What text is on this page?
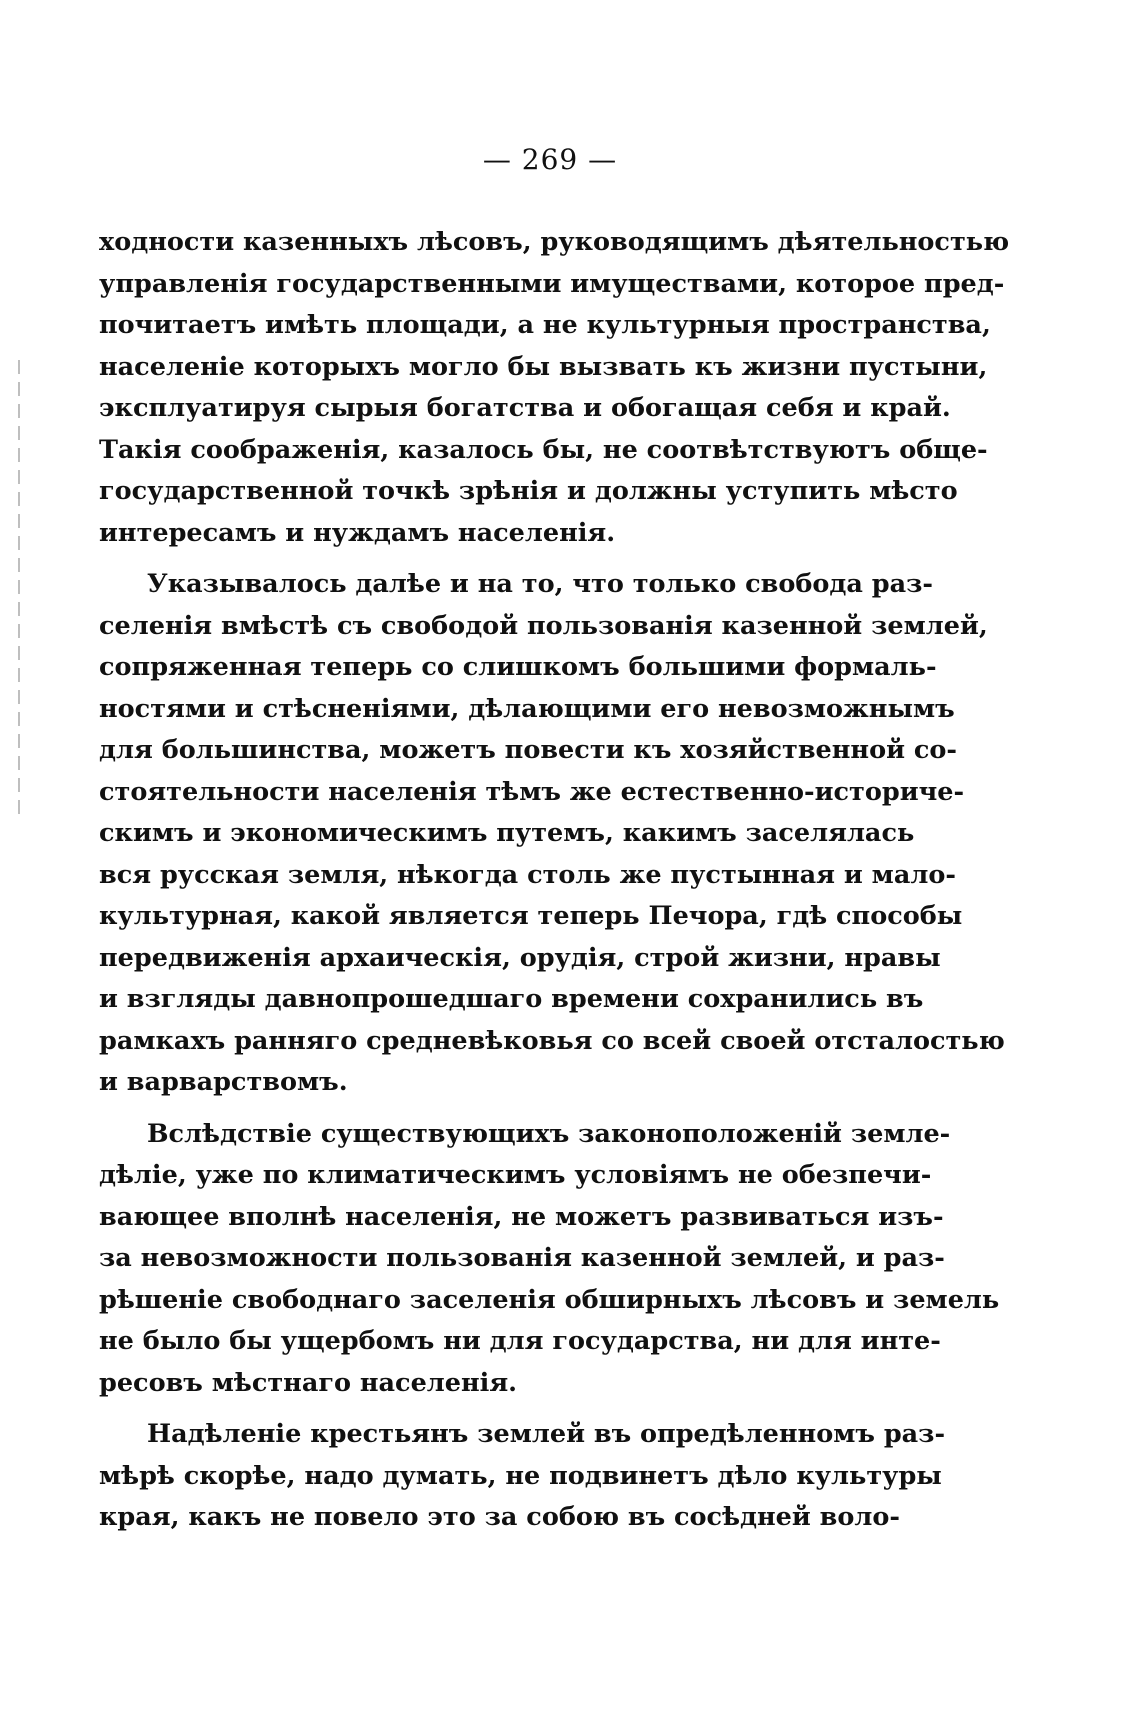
— 269 —
ходности казенныхъ лѣсовъ, руководящимъ дѣятельностью
управленія государственными имуществами, которое пред-
почитаетъ имѣть площади, а не культурныя пространства,
населеніе которыхъ могло бы вызвать къ жизни пустыни,
эксплуатируя сырыя богатства и обогащая себя и край.
Такія соображенія, казалось бы, не соотвѣтствуютъ обще-
государственной точкѣ зрѣнія и должны уступить мѣсто
интересамъ и нуждамъ населенія.
Указывалось далѣе и на то, что только свобода раз-
селенія вмѣстѣ съ свободой пользованія казенной землей,
сопряженная теперь со слишкомъ большими формаль-
ностями и стѣсненіями, дѣлающими его невозможнымъ
для большинства, можетъ повести къ хозяйственной со-
стоятельности населенія тѣмъ же естественно-историче-
скимъ и экономическимъ путемъ, какимъ заселялась
вся русская земля, нѣкогда столь же пустынная и мало-
культурная, какой является теперь Печора, гдѣ способы
передвиженія архаическія, орудія, строй жизни, нравы
и взгляды давнопрошедшаго времени сохранились въ
рамкахъ ранняго средневѣковья со всей своей отсталостью
и варварствомъ.
Вслѣдствіе существующихъ законоположеній земле-
дѣліе, уже по климатическимъ условіямъ не обезпечи-
вающее вполнѣ населенія, не можетъ развиваться изъ-
за невозможности пользованія казенной землей, и раз-
рѣшеніе свободнаго заселенія обширныхъ лѣсовъ и земель
не было бы ущербомъ ни для государства, ни для инте-
ресовъ мѣстнаго населенія.
Надѣленіе крестьянъ землей въ опредѣленномъ раз-
мѣрѣ скорѣе, надо думать, не подвинетъ дѣло культуры
края, какъ не повело это за собою въ сосѣдней воло-
